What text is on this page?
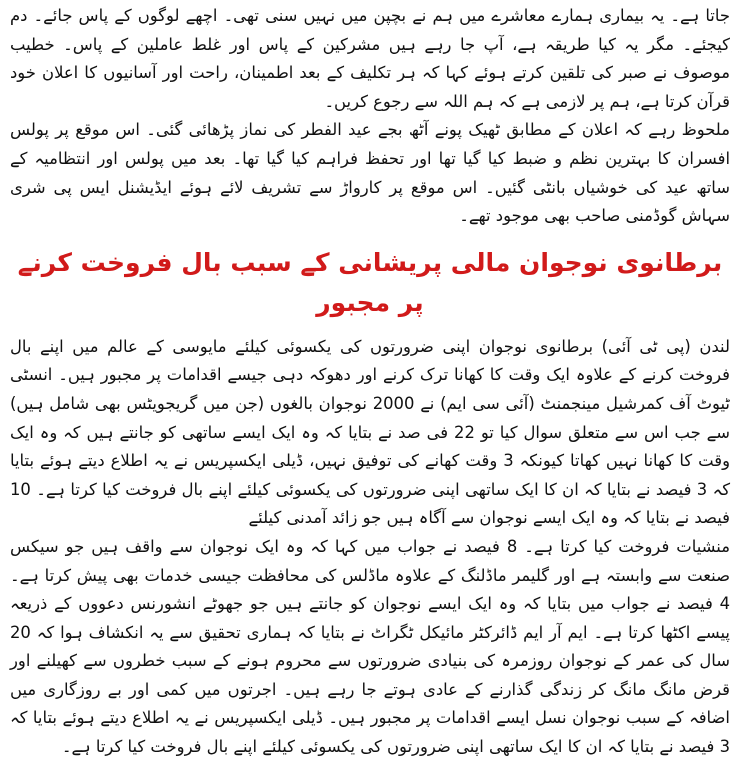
جاتا ہے۔ یہ بیماری ہمارے معاشرے میں ہم نے بچپن میں نہیں سنی تھی۔ اچھے لوگوں کے پاس جائے۔ دم کیجئے۔ مگر یہ کیا طریقہ ہے، آپ جا رہے ہیں مشرکین کے پاس اور غلط عاملین کے پاس۔ خطیب موصوف نے صبر کی تلقین کرتے ہوئے کہا کہ ہر تکلیف کے بعد اطمینان، راحت اور آسانیوں کا اعلان خود قرآن کرتا ہے، ہم پر لازمی ہے کہ ہم اللہ سے رجوع کریں۔

ملحوظ رہے کہ اعلان کے مطابق ٹھیک پونے آٹھ بجے عید الفطر کی نماز پڑھائی گئی۔ اس موقع پر پولس افسران کا بہترین نظم و ضبط کیا گیا تھا اور تحفظ فراہم کیا گیا تھا۔ بعد میں پولس اور انتظامیہ کے ساتھ عید کی خوشیاں بانٹی گئیں۔ اس موقع پر کارواڑ سے تشریف لائے ہوئے ایڈیشنل ایس پی شری سہاش گوڈمنی صاحب بھی موجود تھے۔

برطانوی نوجوان مالی پریشانی کے سبب بال فروخت کرنے پر مجبور

لندن (پی ٹی آئی) برطانوی نوجوان اپنی ضرورتوں کی یکسوئی کیلئے مایوسی کے عالم میں اپنے بال فروخت کرنے کے علاوہ ایک وقت کا کھانا ترک کرنے اور دھوکہ دہی جیسے اقدامات پر مجبور ہیں۔ انسٹی ٹیوٹ آف کمرشیل مینجمنٹ (آئی سی ایم) نے 2000 نوجوان بالغوں (جن میں گریجویٹس بھی شامل ہیں) سے جب اس سے متعلق سوال کیا تو 22 فی صد نے بتایا کہ وہ ایک ایسے ساتھی کو جانتے ہیں کہ وہ ایک وقت کا کھانا نہیں کھاتا کیونکہ 3 وقت کھانے کی توفیق نہیں، ڈیلی ایکسپریس نے یہ اطلاع دیتے ہوئے بتایا کہ 3 فیصد نے بتایا کہ ان کا ایک ساتھی اپنی ضرورتوں کی یکسوئی کیلئے اپنے بال فروخت کیا کرتا ہے۔ 10 فیصد نے بتایا کہ وہ ایک ایسے نوجوان سے آگاہ ہیں جو زائد آمدنی کیلئے

منشیات فروخت کیا کرتا ہے۔ 8 فیصد نے جواب میں کہا کہ وہ ایک نوجوان سے واقف ہیں جو سیکس صنعت سے وابستہ ہے اور گلیمر ماڈلنگ کے علاوہ ماڈلس کی محافظت جیسی خدمات بھی پیش کرتا ہے۔ 4 فیصد نے جواب میں بتایا کہ وہ ایک ایسے نوجوان کو جانتے ہیں جو جھوٹے انشورنس دعووں کے ذریعہ پیسے اکٹھا کرتا ہے۔ ایم آر ایم ڈائرکٹر مائیکل ٹگراٹ نے بتایا کہ ہماری تحقیق سے یہ انکشاف ہوا کہ 20 سال کی عمر کے نوجوان روزمرہ کی بنیادی ضرورتوں سے محروم ہونے کے سبب خطروں سے کھیلنے اور قرض مانگ مانگ کر زندگی گذارنے کے عادی ہوتے جا رہے ہیں۔ اجرتوں میں کمی اور بے روزگاری میں اضافہ کے سبب نوجوان نسل ایسے اقدامات پر مجبور ہیں۔ ڈیلی ایکسپریس نے یہ اطلاع دیتے ہوئے بتایا کہ 3 فیصد نے بتایا کہ ان کا ایک ساتھی اپنی ضرورتوں کی یکسوئی کیلئے اپنے بال فروخت کیا کرتا ہے۔
